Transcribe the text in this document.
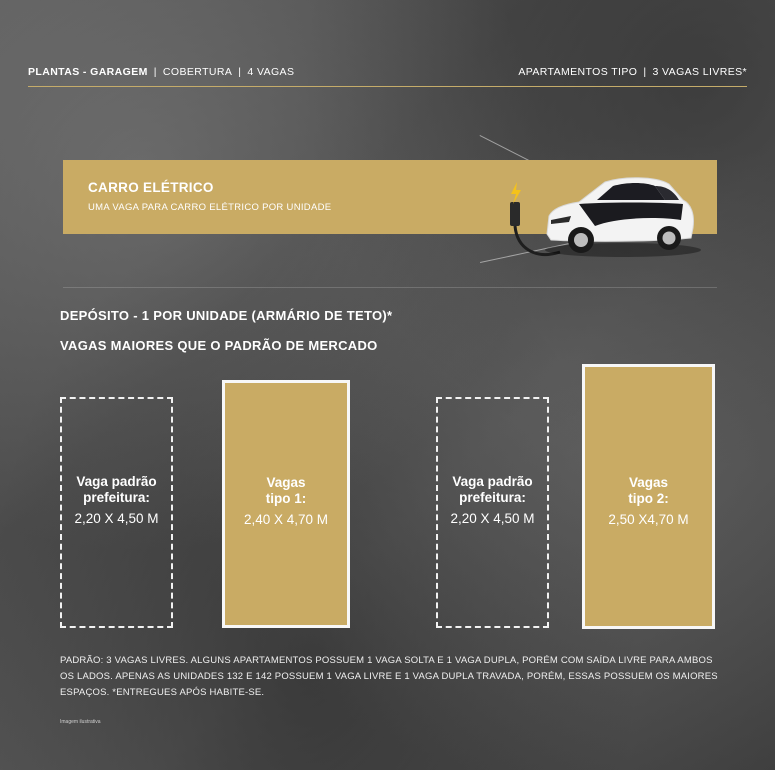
PLANTAS - GARAGEM | COBERTURA | 4 VAGAS	APARTAMENTOS TIPO | 3 VAGAS LIVRES*
CARRO ELÉTRICO
UMA VAGA PARA CARRO ELÉTRICO POR UNIDADE
DEPÓSITO - 1 POR UNIDADE (ARMÁRIO DE TETO)*
VAGAS MAIORES QUE O PADRÃO DE MERCADO
Vaga padrão prefeitura:
2,20 X 4,50 M
Vagas tipo 1:
2,40 X 4,70 M
Vaga padrão prefeitura:
2,20 X 4,50 M
Vagas tipo 2:
2,50 X4,70 M
PADRÃO: 3 VAGAS LIVRES. ALGUNS APARTAMENTOS POSSUEM 1 VAGA SOLTA E 1 VAGA DUPLA, PORÉM COM SAÍDA LIVRE PARA AMBOS OS LADOS. APENAS AS UNIDADES 132 E 142 POSSUEM 1 VAGA LIVRE E 1 VAGA DUPLA TRAVADA, PORÉM, ESSAS POSSUEM OS MAIORES ESPAÇOS. *ENTREGUES APÓS HABITE-SE.
Imagem ilustrativa
